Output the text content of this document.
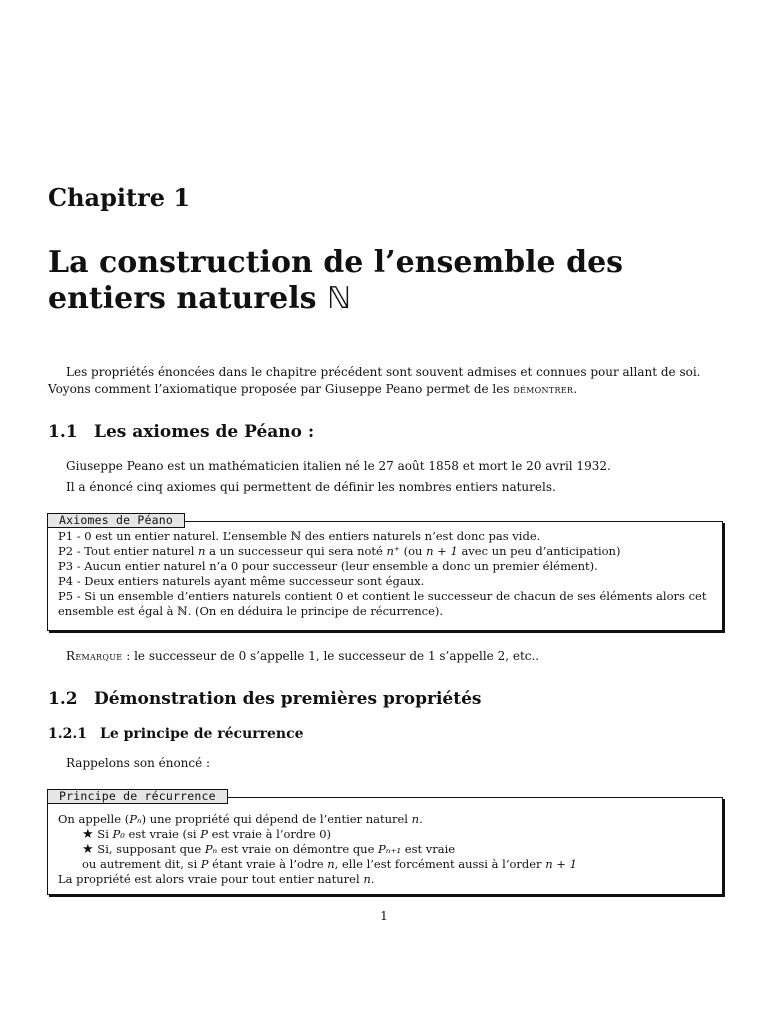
Chapitre 1
La construction de l’ensemble des entiers naturels ℕ
Les propriétés énoncées dans le chapitre précédent sont souvent admises et connues pour allant de soi. Voyons comment l’axiomatique proposée par Giuseppe Peano permet de les démontrer.
1.1 Les axiomes de Péano :
Giuseppe Peano est un mathématicien italien né le 27 août 1858 et mort le 20 avril 1932.
Il a énoncé cinq axiomes qui permettent de définir les nombres entiers naturels.
P1 - 0 est un entier naturel. L’ensemble ℕ des entiers naturels n’est donc pas vide.
P2 - Tout entier naturel n a un successeur qui sera noté n⁺ (ou n + 1 avec un peu d’anticipation)
P3 - Aucun entier naturel n’a 0 pour successeur (leur ensemble a donc un premier élément).
P4 - Deux entiers naturels ayant même successeur sont égaux.
P5 - Si un ensemble d’entiers naturels contient 0 et contient le successeur de chacun de ses éléments alors cet ensemble est égal à ℕ. (On en déduira le principe de récurrence).
Axiomes de Péano
Remarque : le successeur de 0 s’appelle 1, le successeur de 1 s’appelle 2, etc..
1.2 Démonstration des premières propriétés
1.2.1 Le principe de récurrence
Rappelons son énoncé :
On appelle (Pₙ) une propriété qui dépend de l’entier naturel n.
★ Si P₀ est vraie (si P est vraie à l’ordre 0)
★ Si, supposant que Pₙ est vraie on démontre que Pₙ₊₁ est vraie
ou autrement dit, si P étant vraie à l’odre n, elle l’est forcément aussi à l’order n + 1
La propriété est alors vraie pour tout entier naturel n.
Principe de récurrence
1
